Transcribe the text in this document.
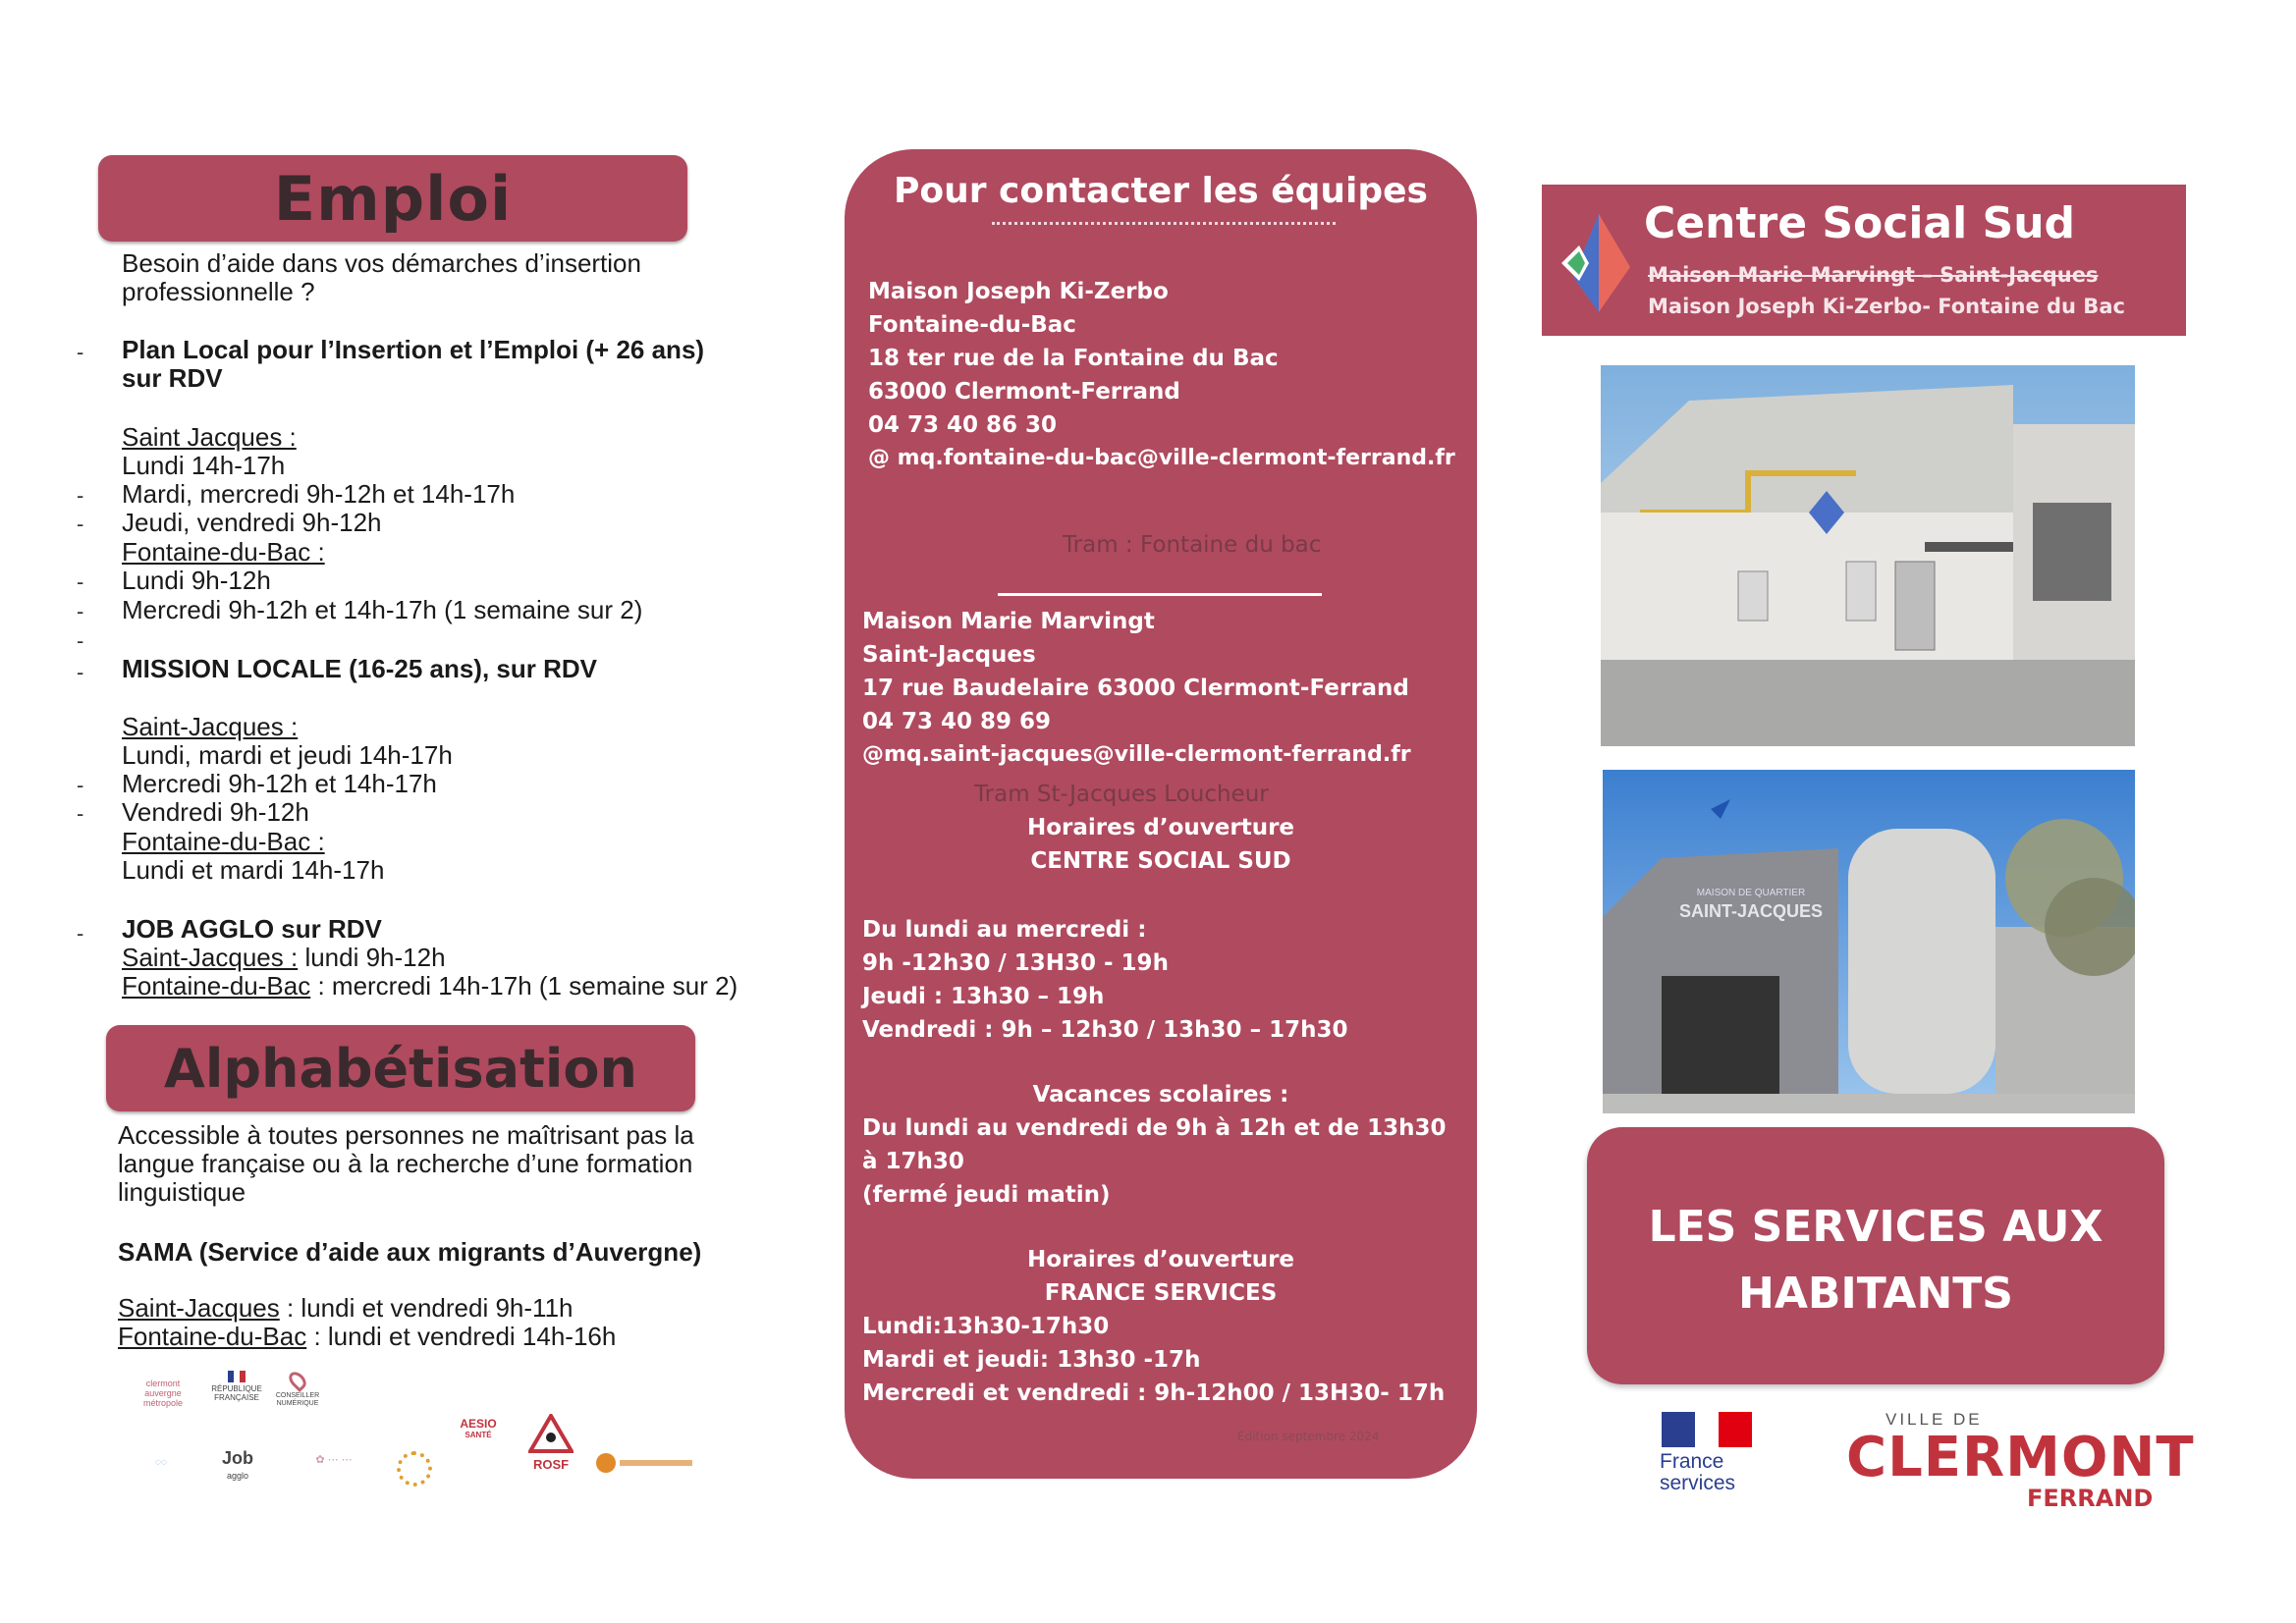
Emploi
Besoin d’aide dans vos démarches d’insertion
professionnelle ?
- Plan Local pour l’Insertion et l’Emploi (+ 26 ans)
sur RDV
Saint Jacques :
Lundi 14h-17h
- Mardi, mercredi 9h-12h et 14h-17h
- Jeudi, vendredi 9h-12h
Fontaine-du-Bac :
- Lundi 9h-12h
- Mercredi 9h-12h et 14h-17h (1 semaine sur 2)
-
- MISSION LOCALE (16-25 ans), sur RDV
Saint-Jacques :
Lundi, mardi et jeudi 14h-17h
- Mercredi 9h-12h et 14h-17h
- Vendredi 9h-12h
Fontaine-du-Bac :
Lundi et mardi 14h-17h
- JOB AGGLO sur RDV
Saint-Jacques : lundi 9h-12h
Fontaine-du-Bac : mercredi 14h-17h (1 semaine sur 2)
Alphabétisation
Accessible à toutes personnes ne maîtrisant pas la
langue française ou à la recherche d’une formation
linguistique
SAMA (Service d’aide aux migrants d’Auvergne)
Saint-Jacques : lundi et vendredi 9h-11h
Fontaine-du-Bac : lundi et vendredi 14h-16h
clermont
auvergne
métropole
RÉPUBLIQUE
FRANÇAISE	CONSEILLER
NUMÉRIQUE
◌◌	Job
agglo
✿ ⋯ ⋯
AESIO
SANTÉ
ROSF

Pour contacter les équipes
Maison Joseph Ki-Zerbo
Fontaine-du-Bac
18 ter rue de la Fontaine du Bac
63000 Clermont-Ferrand
04 73 40 86 30
@ mq.fontaine-du-bac@ville-clermont-ferrand.fr
Tram : Fontaine du bac
Maison Marie Marvingt
Saint-Jacques
17 rue Baudelaire 63000 Clermont-Ferrand
04 73 40 89 69
@mq.saint-jacques@ville-clermont-ferrand.fr
Tram St-Jacques Loucheur
Horaires d’ouverture
CENTRE SOCIAL SUD
Du lundi au mercredi :
9h -12h30 / 13H30 - 19h
Jeudi : 13h30 – 19h
Vendredi : 9h – 12h30 / 13h30 – 17h30
Vacances scolaires :
Du lundi au vendredi de 9h à 12h et de 13h30
à 17h30
(fermé jeudi matin)
Horaires d’ouverture
FRANCE SERVICES
Lundi:13h30-17h30
Mardi et jeudi: 13h30 -17h
Mercredi et vendredi : 9h-12h00 / 13H30- 17h
Edition septembre 2024
Centre Social Sud
Maison Marie Marvingt – Saint-Jacques
Maison Joseph Ki-Zerbo- Fontaine du Bac
MAISON DE QUARTIER
SAINT-JACQUES
LES SERVICES AUX
HABITANTS
France
services
VILLE DE
CLERMONT
FERRAND
